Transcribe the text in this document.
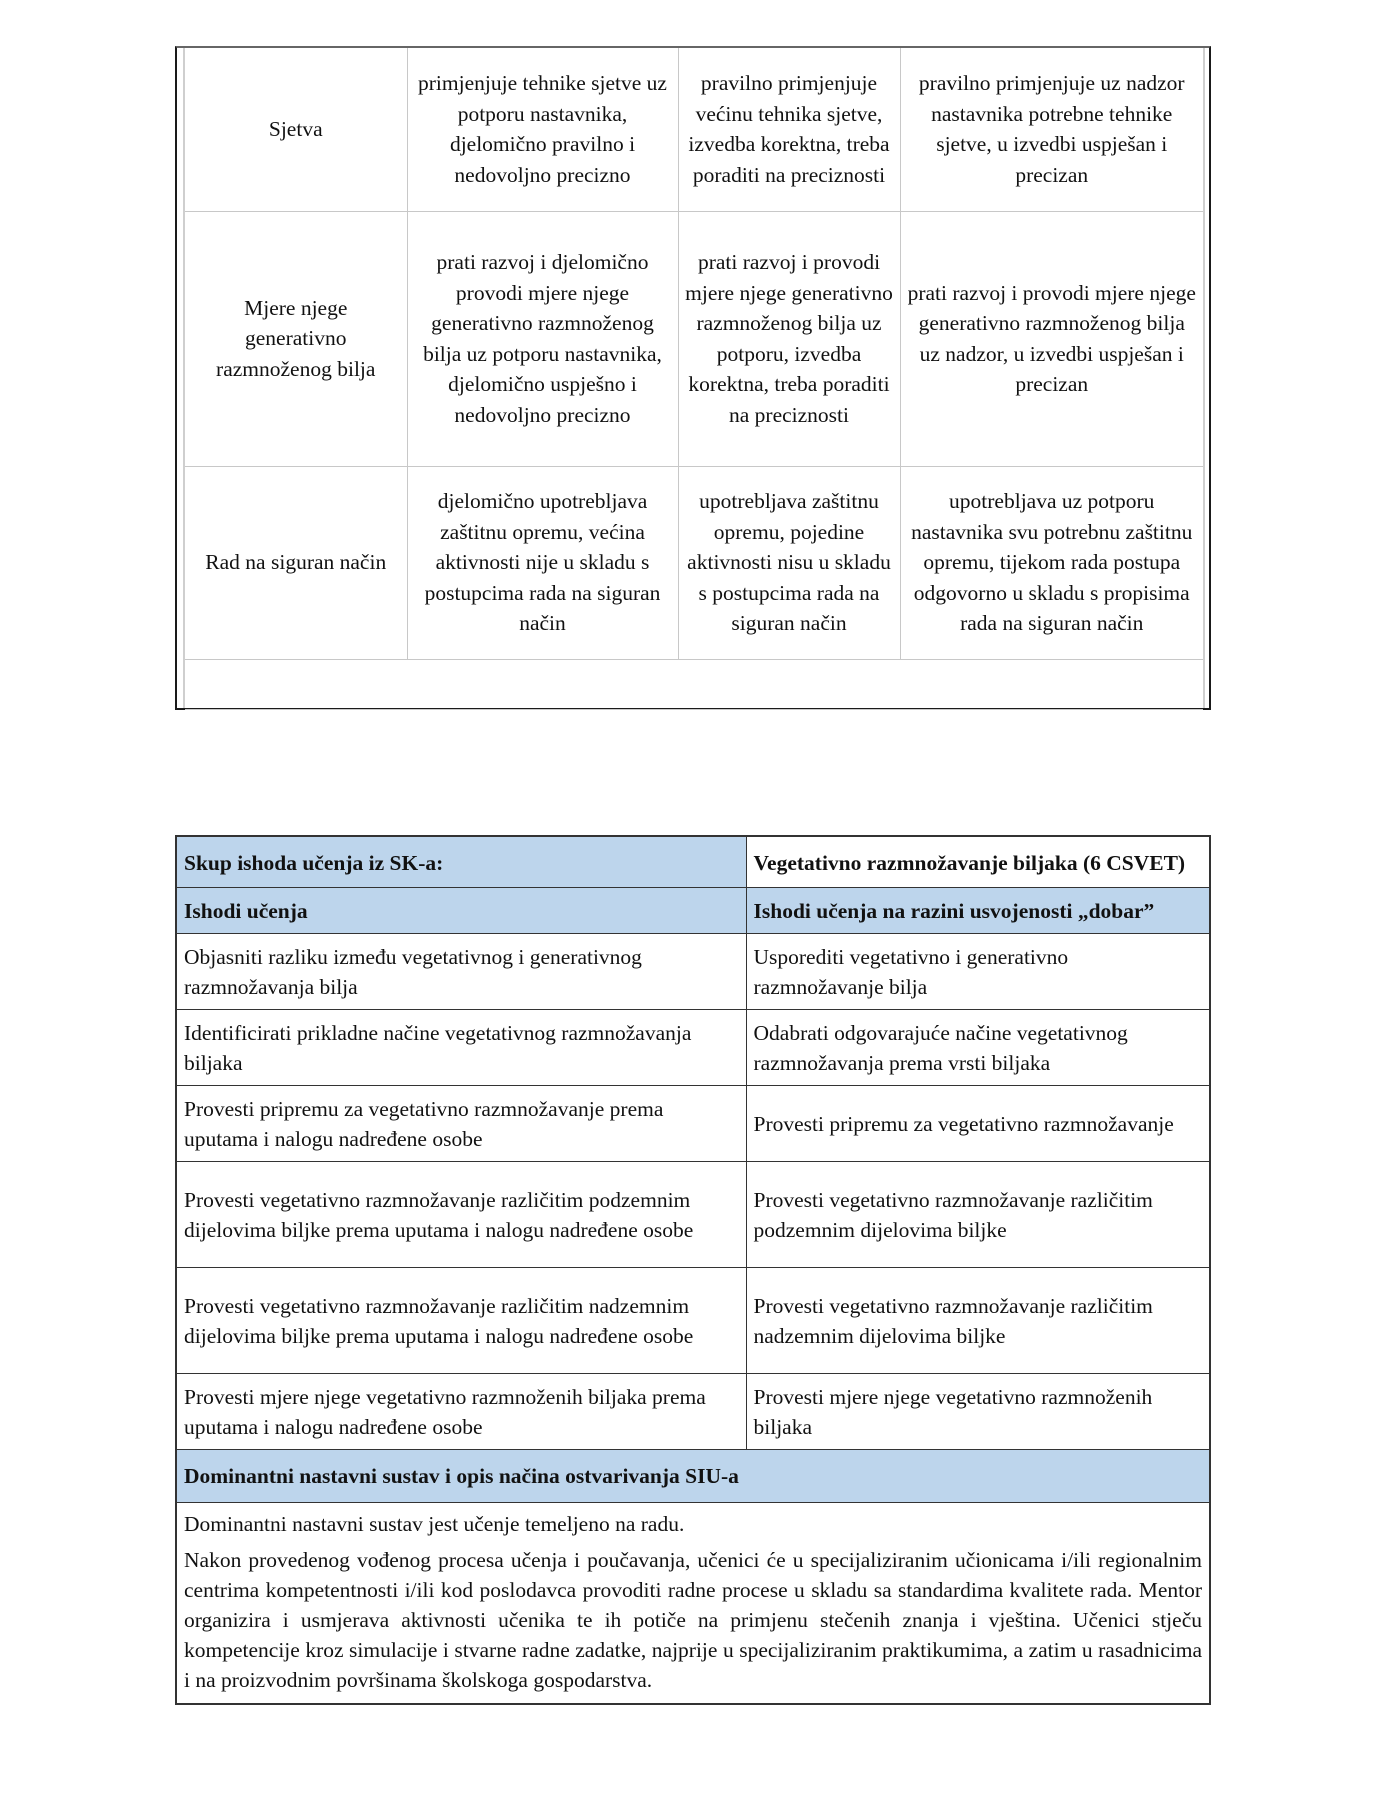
Sjetva	primjenjuje tehnike sjetve uz potporu nastavnika, djelomično pravilno i nedovoljno precizno	pravilno primjenjuje većinu tehnika sjetve, izvedba korektna, treba poraditi na preciznosti	pravilno primjenjuje uz nadzor nastavnika potrebne tehnike sjetve, u izvedbi uspješan i precizan
Mjere njege generativno razmnoženog bilja	prati razvoj i djelomično provodi mjere njege generativno razmnoženog bilja uz potporu nastavnika, djelomično uspješno i nedovoljno precizno	prati razvoj i provodi mjere njege generativno razmnoženog bilja uz potporu, izvedba korektna, treba poraditi na preciznosti	prati razvoj i provodi mjere njege generativno razmnoženog bilja uz nadzor, u izvedbi uspješan i precizan
Rad na siguran način	djelomično upotrebljava zaštitnu opremu, većina aktivnosti nije u skladu s postupcima rada na siguran način	upotrebljava zaštitnu opremu, pojedine aktivnosti nisu u skladu s postupcima rada na siguran način	upotrebljava uz potporu nastavnika svu potrebnu zaštitnu opremu, tijekom rada postupa odgovorno u skladu s propisima rada na siguran način

Skup ishoda učenja iz SK-a:	Vegetativno razmnožavanje biljaka (6 CSVET)
Ishodi učenja	Ishodi učenja na razini usvojenosti „dobar”
Objasniti razliku između vegetativnog i generativnog razmnožavanja bilja	Usporediti vegetativno i generativno razmnožavanje bilja
Identificirati prikladne načine vegetativnog razmnožavanja biljaka	Odabrati odgovarajuće načine vegetativnog razmnožavanja prema vrsti biljaka
Provesti pripremu za vegetativno razmnožavanje prema uputama i nalogu nadređene osobe	Provesti pripremu za vegetativno razmnožavanje
Provesti vegetativno razmnožavanje različitim podzemnim dijelovima biljke prema uputama i nalogu nadređene osobe	Provesti vegetativno razmnožavanje različitim podzemnim dijelovima biljke
Provesti vegetativno razmnožavanje različitim nadzemnim dijelovima biljke prema uputama i nalogu nadređene osobe	Provesti vegetativno razmnožavanje različitim nadzemnim dijelovima biljke
Provesti mjere njege vegetativno razmnoženih biljaka prema uputama i nalogu nadređene osobe	Provesti mjere njege vegetativno razmnoženih biljaka
Dominantni nastavni sustav i opis načina ostvarivanja SIU-a	

Dominantni nastavni sustav jest učenje temeljeno na radu.

Nakon provedenog vođenog procesa učenja i poučavanja, učenici će u specijaliziranim učionicama i/ili regionalnim centrima kompetentnosti i/ili kod poslodavca provoditi radne procese u skladu sa standardima kvalitete rada. Mentor organizira i usmjerava aktivnosti učenika te ih potiče na primjenu stečenih znanja i vještina. Učenici stječu kompetencije kroz simulacije i stvarne radne zadatke, najprije u specijaliziranim praktikumima, a zatim u rasadnicima i na proizvodnim površinama školskoga gospodarstva.	
